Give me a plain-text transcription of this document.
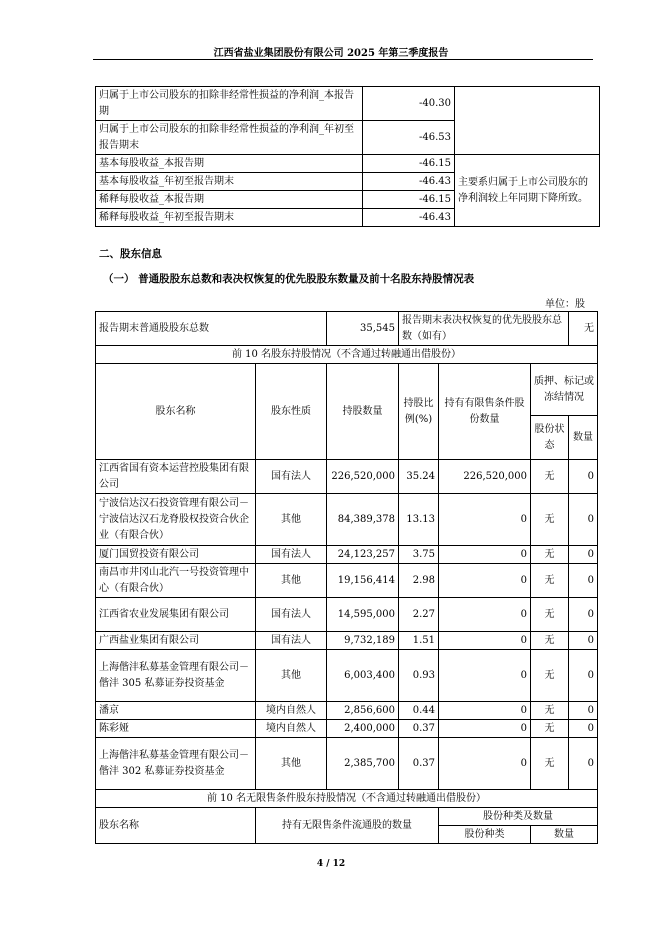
江西省盐业集团股份有限公司 2025 年第三季度报告
归属于上市公司股东的扣除非经常性损益的净利润_本报告期	-40.30	
归属于上市公司股东的扣除非经常性损益的净利润_年初至报告期末	-46.53	
基本每股收益_本报告期	-46.15	主要系归属于上市公司股东的净利润较上年同期下降所致。
基本每股收益_年初至报告期末	-46.43	
稀释每股收益_本报告期	-46.15	
稀释每股收益_年初至报告期末	-46.43	
二、股东信息
（一） 普通股股东总数和表决权恢复的优先股股东数量及前十名股东持股情况表
单位：股
报告期末普通股股东总数		35,545	报告期末表决权恢复的优先股股东总数（如有）			无
前 10 名股东持股情况（不含通过转融通出借股份）						
股东名称	股东性质	持股数量	持股比例(%)	持有有限售条件股份数量	质押、标记或冻结情况	
					股份状态	数量
江西省国有资本运营控股集团有限公司	国有法人	226,520,000	35.24	226,520,000	无	0
宁波信达汉石投资管理有限公司－宁波信达汉石龙脊股权投资合伙企业（有限合伙）	其他	84,389,378	13.13	0	无	0
厦门国贸投资有限公司	国有法人	24,123,257	3.75	0	无	0
南昌市井冈山北汽一号投资管理中心（有限合伙）	其他	19,156,414	2.98	0	无	0
江西省农业发展集团有限公司	国有法人	14,595,000	2.27	0	无	0
广西盐业集团有限公司	国有法人	9,732,189	1.51	0	无	0
上海偕沣私募基金管理有限公司－偕沣 305 私募证券投资基金	其他	6,003,400	0.93	0	无	0
潘京	境内自然人	2,856,600	0.44	0	无	0
陈彩娅	境内自然人	2,400,000	0.37	0	无	0
上海偕沣私募基金管理有限公司－偕沣 302 私募证券投资基金	其他	2,385,700	0.37	0	无	0
前 10 名无限售条件股东持股情况（不含通过转融通出借股份）						
股东名称	持有无限售条件流通股的数量			股份种类及数量		
				股份种类	数量	
4 / 12
